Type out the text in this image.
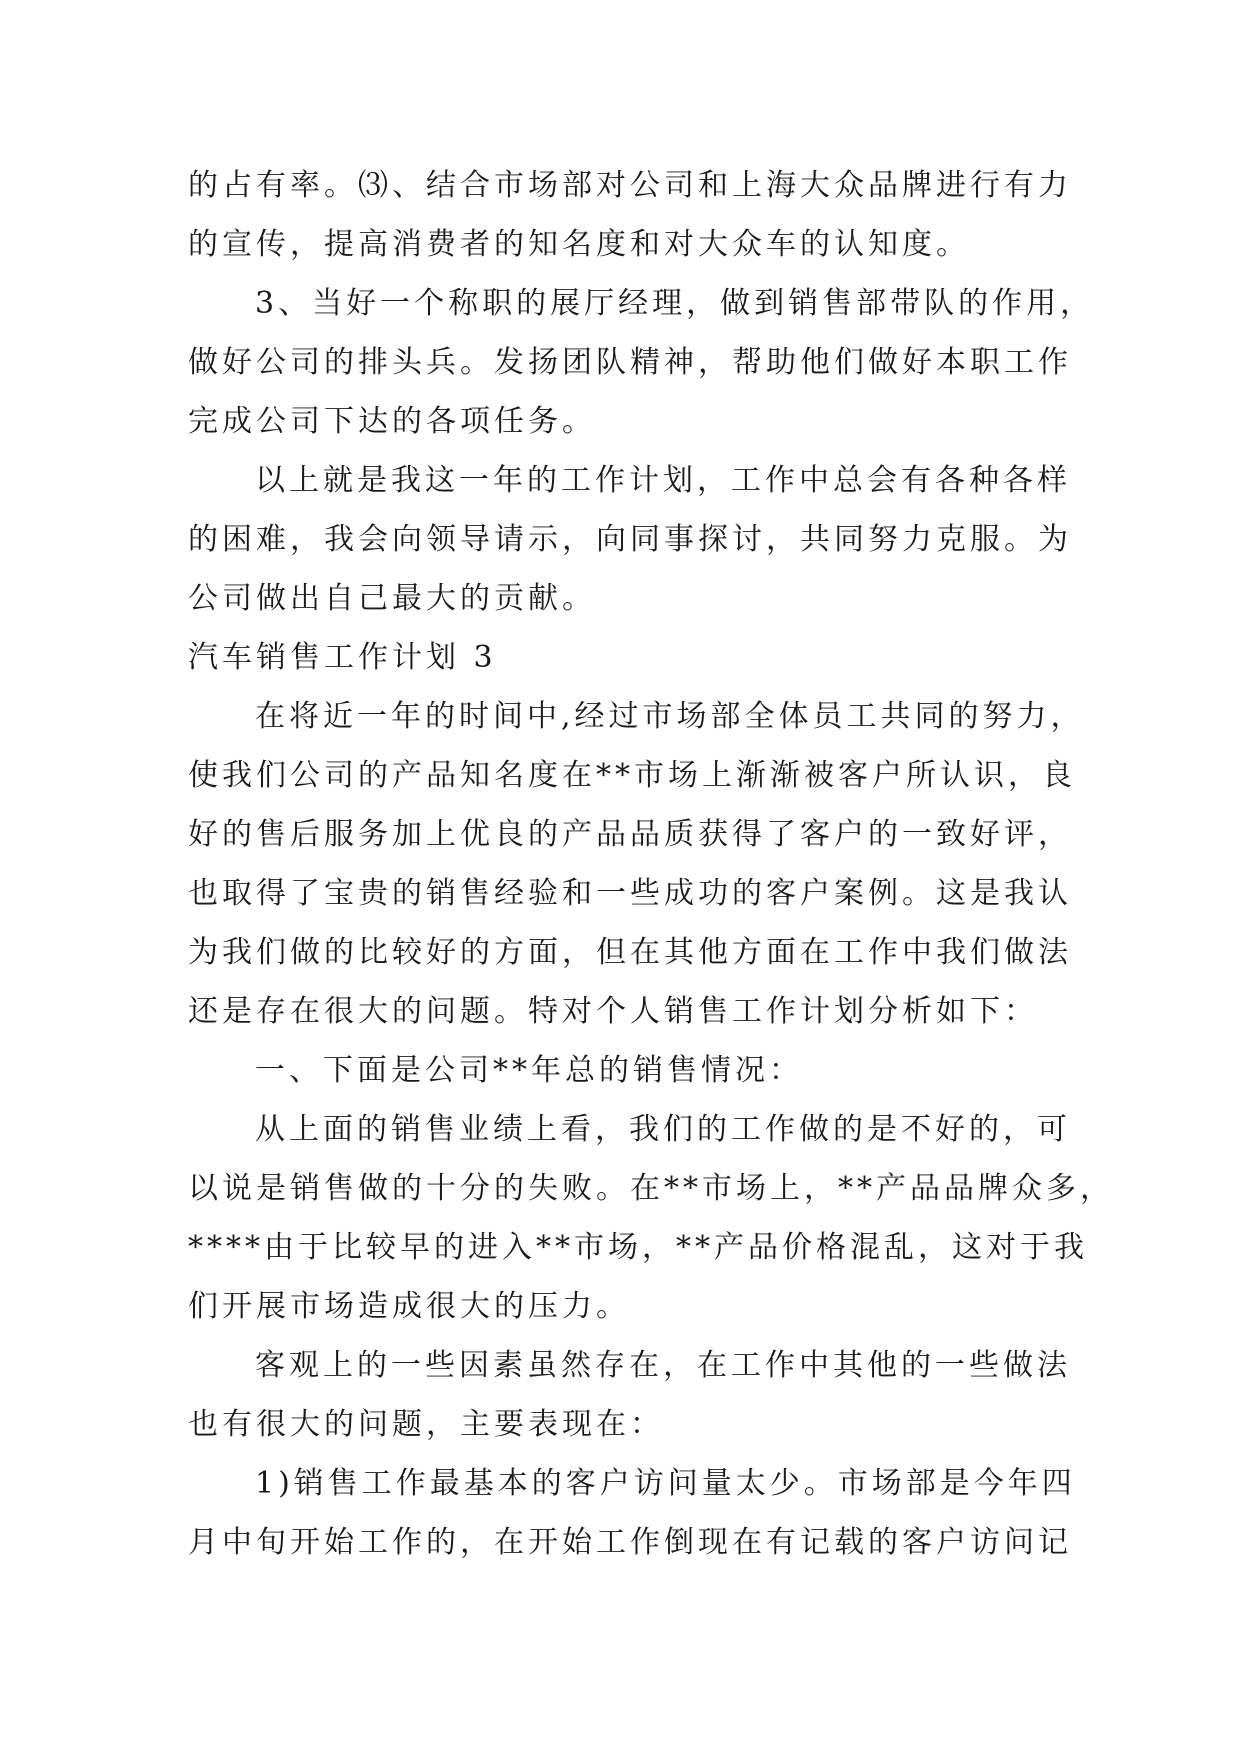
的占有率。⑶、结合市场部对公司和上海大众品牌进行有力
的宣传，提高消费者的知名度和对大众车的认知度。
3、当好一个称职的展厅经理，做到销售部带队的作用，
做好公司的排头兵。发扬团队精神，帮助他们做好本职工作
完成公司下达的各项任务。
以上就是我这一年的工作计划，工作中总会有各种各样
的困难，我会向领导请示，向同事探讨，共同努力克服。为
公司做出自己最大的贡献。
汽车销售工作计划 3
在将近一年的时间中,经过市场部全体员工共同的努力，
使我们公司的产品知名度在**市场上渐渐被客户所认识，良
好的售后服务加上优良的产品品质获得了客户的一致好评，
也取得了宝贵的销售经验和一些成功的客户案例。这是我认
为我们做的比较好的方面，但在其他方面在工作中我们做法
还是存在很大的问题。特对个人销售工作计划分析如下：
一、下面是公司**年总的销售情况：
从上面的销售业绩上看，我们的工作做的是不好的，可
以说是销售做的十分的失败。在**市场上，**产品品牌众多，
****由于比较早的进入**市场，**产品价格混乱，这对于我
们开展市场造成很大的压力。
客观上的一些因素虽然存在，在工作中其他的一些做法
也有很大的问题，主要表现在：
1)销售工作最基本的客户访问量太少。市场部是今年四
月中旬开始工作的，在开始工作倒现在有记载的客户访问记
